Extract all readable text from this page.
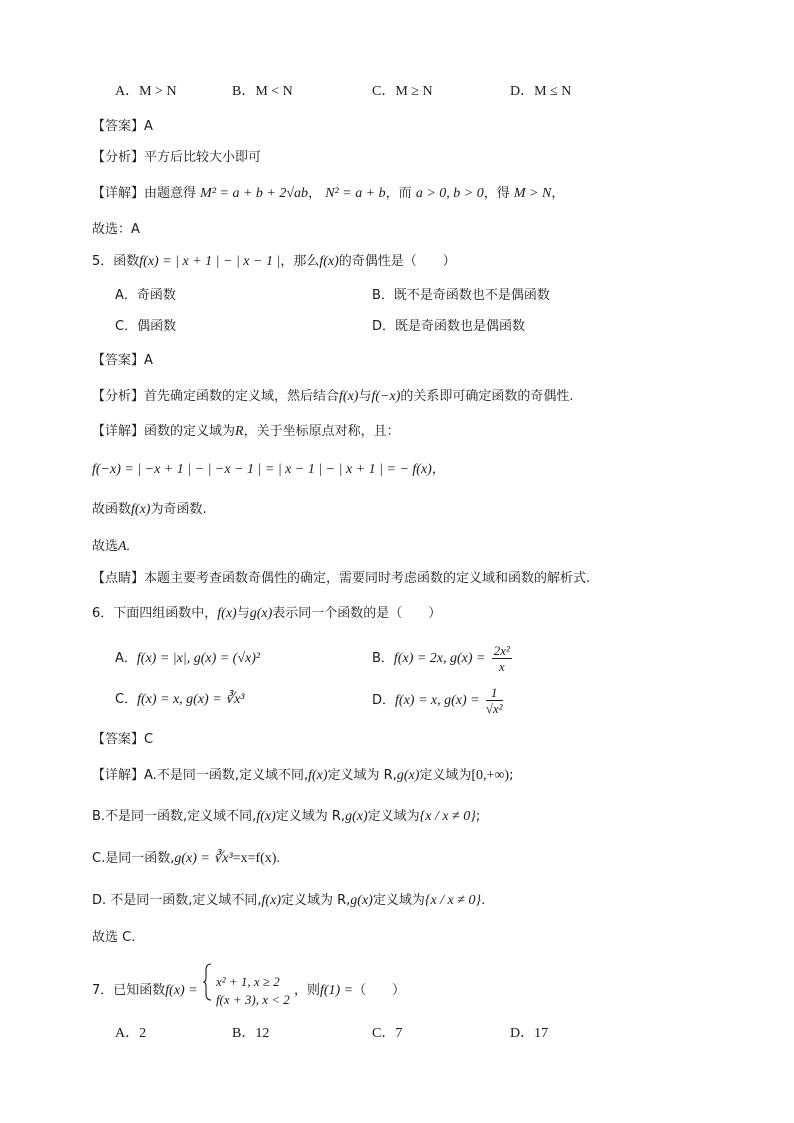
A．M > N	B．M < N	C．M ≥ N	D．M ≤ N
【答案】A
【分析】平方后比较大小即可
【详解】由题意得 M² = a + b + 2√ab， N² = a + b，而 a > 0, b > 0，得 M > N，
故选：A
5．函数f(x) = | x + 1 | − | x − 1 |，那么f(x)的奇偶性是（　　）
A．奇函数	B．既不是奇函数也不是偶函数
C．偶函数	D．既是奇函数也是偶函数
【答案】A
【分析】首先确定函数的定义域，然后结合f(x)与f(−x)的关系即可确定函数的奇偶性.
【详解】函数的定义域为R，关于坐标原点对称，且：
f(−x) = | −x + 1 | − | −x − 1 | = | x − 1 | − | x + 1 | = − f(x)，
故函数f(x)为奇函数.
故选A.
【点睛】本题主要考查函数奇偶性的确定，需要同时考虑函数的定义域和函数的解析式.
6．下面四组函数中，f(x)与g(x)表示同一个函数的是（　　）
A．f(x) = |x|, g(x) = (√x)²	B．f(x) = 2x, $g(x) = \frac{\text{2x²}}{x}$
C．f(x) = x, g(x) = ∛x³	D．f(x) = x, $g(x) = \frac{1}{\text{√x²}}$
【答案】C
【详解】A.不是同一函数,定义域不同,f(x)定义域为 R,g(x)定义域为[0,+∞);
B.不是同一函数,定义域不同,f(x)定义域为 R,g(x)定义域为{x / x ≠ 0};
C.是同一函数,g(x) = ∛x³=x=f(x).
D. 不是同一函数,定义域不同,f(x)定义域为 R,g(x)定义域为{x / x ≠ 0}.
故选 C.
7．已知函数f(x) =
x² + 1, x ≥ 2
f(x + 3), x < 2
，则f(1) =（　　）
A．2	B．12	C．7	D．17
